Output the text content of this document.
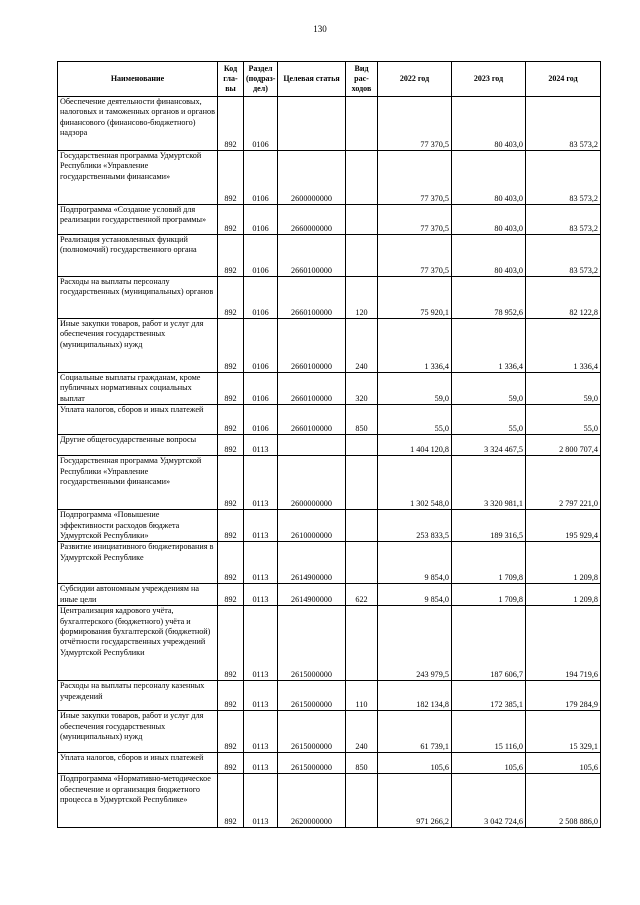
130
Наименование	Код главы	Раздел (подраздел)	Целевая статья	Вид расходов	2022 год	2023 год	2024 год
Обеспечение деятельности финансовых, налоговых и таможенных органов и органов финансового (финансово-бюджетного) надзора	892	0106			77 370,5	80 403,0	83 573,2
Государственная программа Удмуртской Республики «Управление государственными финансами»	892	0106	2600000000		77 370,5	80 403,0	83 573,2
Подпрограмма «Создание условий для реализации государственной программы»	892	0106	2660000000		77 370,5	80 403,0	83 573,2
Реализация установленных функций (полномочий) государственного органа	892	0106	2660100000		77 370,5	80 403,0	83 573,2
Расходы на выплаты персоналу государственных (муниципальных) органов	892	0106	2660100000	120	75 920,1	78 952,6	82 122,8
Иные закупки товаров, работ и услуг для обеспечения государственных (муниципальных) нужд	892	0106	2660100000	240	1 336,4	1 336,4	1 336,4
Социальные выплаты гражданам, кроме публичных нормативных социальных выплат	892	0106	2660100000	320	59,0	59,0	59,0
Уплата налогов, сборов и иных платежей	892	0106	2660100000	850	55,0	55,0	55,0
Другие общегосударственные вопросы	892	0113			1 404 120,8	3 324 467,5	2 800 707,4
Государственная программа Удмуртской Республики «Управление государственными финансами»	892	0113	2600000000		1 302 548,0	3 320 981,1	2 797 221,0
Подпрограмма «Повышение эффективности расходов бюджета Удмуртской Республики»	892	0113	2610000000		253 833,5	189 316,5	195 929,4
Развитие инициативного бюджетирования в Удмуртской Республике	892	0113	2614900000		9 854,0	1 709,8	1 209,8
Субсидии автономным учреждениям на иные цели	892	0113	2614900000	622	9 854,0	1 709,8	1 209,8
Централизация кадрового учёта, бухгалтерского (бюджетного) учёта и формирования бухгалтерской (бюджетной) отчётности государственных учреждений Удмуртской Республики	892	0113	2615000000		243 979,5	187 606,7	194 719,6
Расходы на выплаты персоналу казенных учреждений	892	0113	2615000000	110	182 134,8	172 385,1	179 284,9
Иные закупки товаров, работ и услуг для обеспечения государственных (муниципальных) нужд	892	0113	2615000000	240	61 739,1	15 116,0	15 329,1
Уплата налогов, сборов и иных платежей	892	0113	2615000000	850	105,6	105,6	105,6
Подпрограмма «Нормативно-методическое обеспечение и организация бюджетного процесса в Удмуртской Республике»	892	0113	2620000000		971 266,2	3 042 724,6	2 508 886,0
